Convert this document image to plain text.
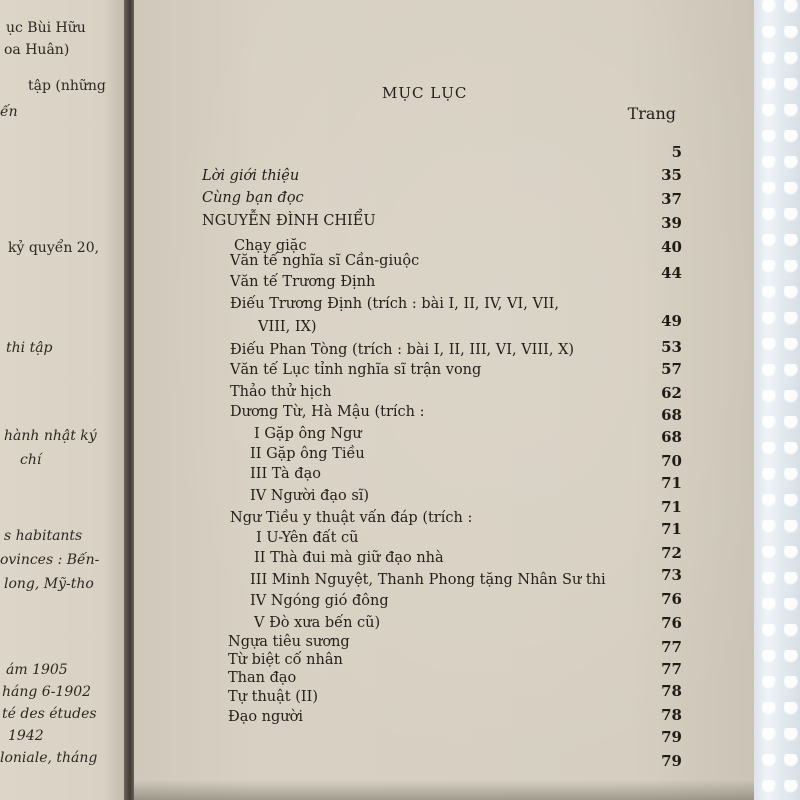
ục Bùi Hữu
oa Huân)
tập (những
ến
kỷ quyển 20,
thi tập
hành nhật ký
chí
s habitants
ovinces : Bến-
long, Mỹ-tho
ám 1905
háng 6-1902
té des études
1942
loniale, tháng
MỤC LỤC
Trang
Lời giới thiệu
Cùng bạn đọc
NGUYỄN ĐÌNH CHIỂU
Chạy giặc
Văn tế nghĩa sĩ Cần-giuộc
Văn tế Trương Định
Điếu Trương Định (trích : bài I, II, IV, VI, VII,
VIII, IX)
Điếu Phan Tòng (trích : bài I, II, III, VI, VIII, X)
Văn tế Lục tỉnh nghĩa sĩ trận vong
Thảo thử hịch
Dương Từ, Hà Mậu (trích :
I Gặp ông Ngư
II Gặp ông Tiều
III Tà đạo
IV Người đạo sĩ)
Ngư Tiều y thuật vấn đáp (trích :
I U-Yên đất cũ
II Thà đui mà giữ đạo nhà
III Minh Nguyệt, Thanh Phong tặng Nhân Sư thi
IV Ngóng gió đông
V Đò xưa bến cũ)
Ngựa tiêu sương
Từ biệt cố nhân
Than đạo
Tự thuật (II)
Đạo người
5
35
37
39
40
44
49
53
57
62
68
68
70
71
71
71
72
73
76
76
77
77
78
78
79
79
